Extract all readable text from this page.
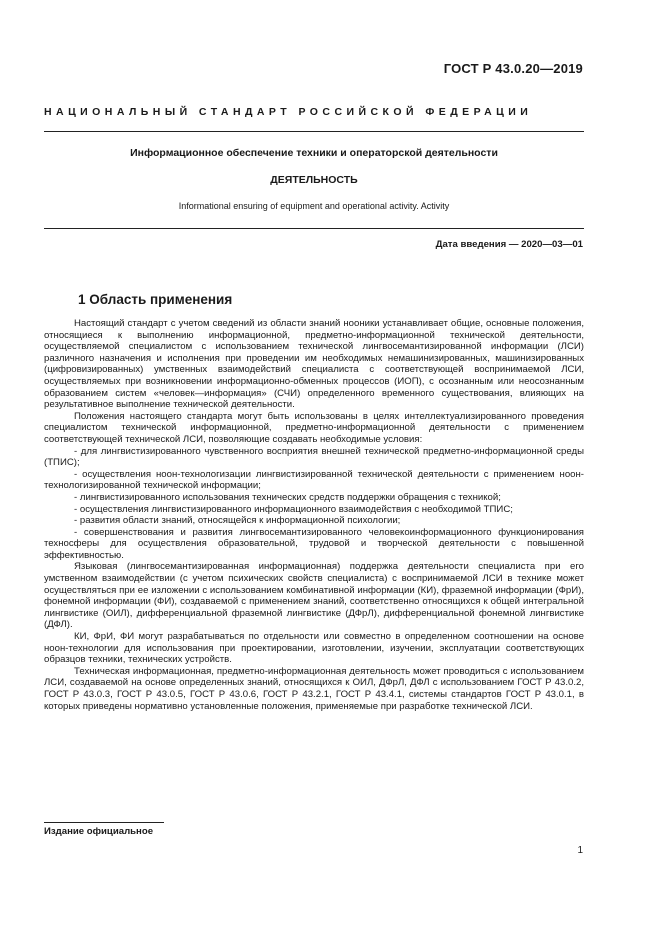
ГОСТ Р 43.0.20—2019
НАЦИОНАЛЬНЫЙ СТАНДАРТ РОССИЙСКОЙ ФЕДЕРАЦИИ
Информационное обеспечение техники и операторской деятельности
ДЕЯТЕЛЬНОСТЬ
Informational ensuring of equipment and operational activity. Activity
Дата введения — 2020—03—01
1 Область применения

Настоящий стандарт с учетом сведений из области знаний нооники устанавливает общие, основные положения, относящиеся к выполнению информационной, предметно-информационной технической деятельности, осуществляемой специалистом с использованием технической лингвосемантизированной информации (ЛСИ) различного назначения и исполнения при проведении им необходимых немашинизированных, машинизированных (цифровизированных) умственных взаимодействий специалиста с соответствующей воспринимаемой ЛСИ, осуществляемых при возникновении информационно-обменных процессов (ИОП), с осознанным или неосознанным образованием систем «человек—информация» (СЧИ) определенного временного существования, влияющих на результативное выполнение технической деятельности.

Положения настоящего стандарта могут быть использованы в целях интеллектуализированного проведения специалистом технической информационной, предметно-информационной деятельности с применением соответствующей технической ЛСИ, позволяющие создавать необходимые условия:

- для лингвистизированного чувственного восприятия внешней технической предметно-информационной среды (ТПИС);

- осуществления ноон-технологизации лингвистизированной технической деятельности с применением ноон-технологизированной технической информации;

- лингвистизированного использования технических средств поддержки обращения с техникой;

- осуществления лингвистизированного информационного взаимодействия с необходимой ТПИС;

- развития области знаний, относящейся к информационной психологии;

- совершенствования и развития лингвосемантизированного человекоинформационного функционирования техносферы для осуществления образовательной, трудовой и творческой деятельности с повышенной эффективностью.

Языковая (лингвосемантизированная информационная) поддержка деятельности специалиста при его умственном взаимодействии (с учетом психических свойств специалиста) с воспринимаемой ЛСИ в технике может осуществляться при ее изложении с использованием комбинативной информации (КИ), фраземной информации (ФрИ), фонемной информации (ФИ), создаваемой с применением знаний, соответственно относящихся к общей интегральной лингвистике (ОИЛ), дифференциальной фраземной лингвистике (ДФрЛ), дифференциальной фонемной лингвистике (ДФЛ).

КИ, ФрИ, ФИ могут разрабатываться по отдельности или совместно в определенном соотношении на основе ноон-технологии для использования при проектировании, изготовлении, изучении, эксплуатации соответствующих образцов техники, технических устройств.

Техническая информационная, предметно-информационная деятельность может проводиться с использованием ЛСИ, создаваемой на основе определенных знаний, относящихся к ОИЛ, ДФрЛ, ДФЛ с использованием ГОСТ Р 43.0.2, ГОСТ Р 43.0.3, ГОСТ Р 43.0.5, ГОСТ Р 43.0.6, ГОСТ Р 43.2.1, ГОСТ Р 43.4.1, системы стандартов ГОСТ Р 43.0.1, в которых приведены нормативно установленные положения, применяемые при разработке технической ЛСИ.

Издание официальное
1
